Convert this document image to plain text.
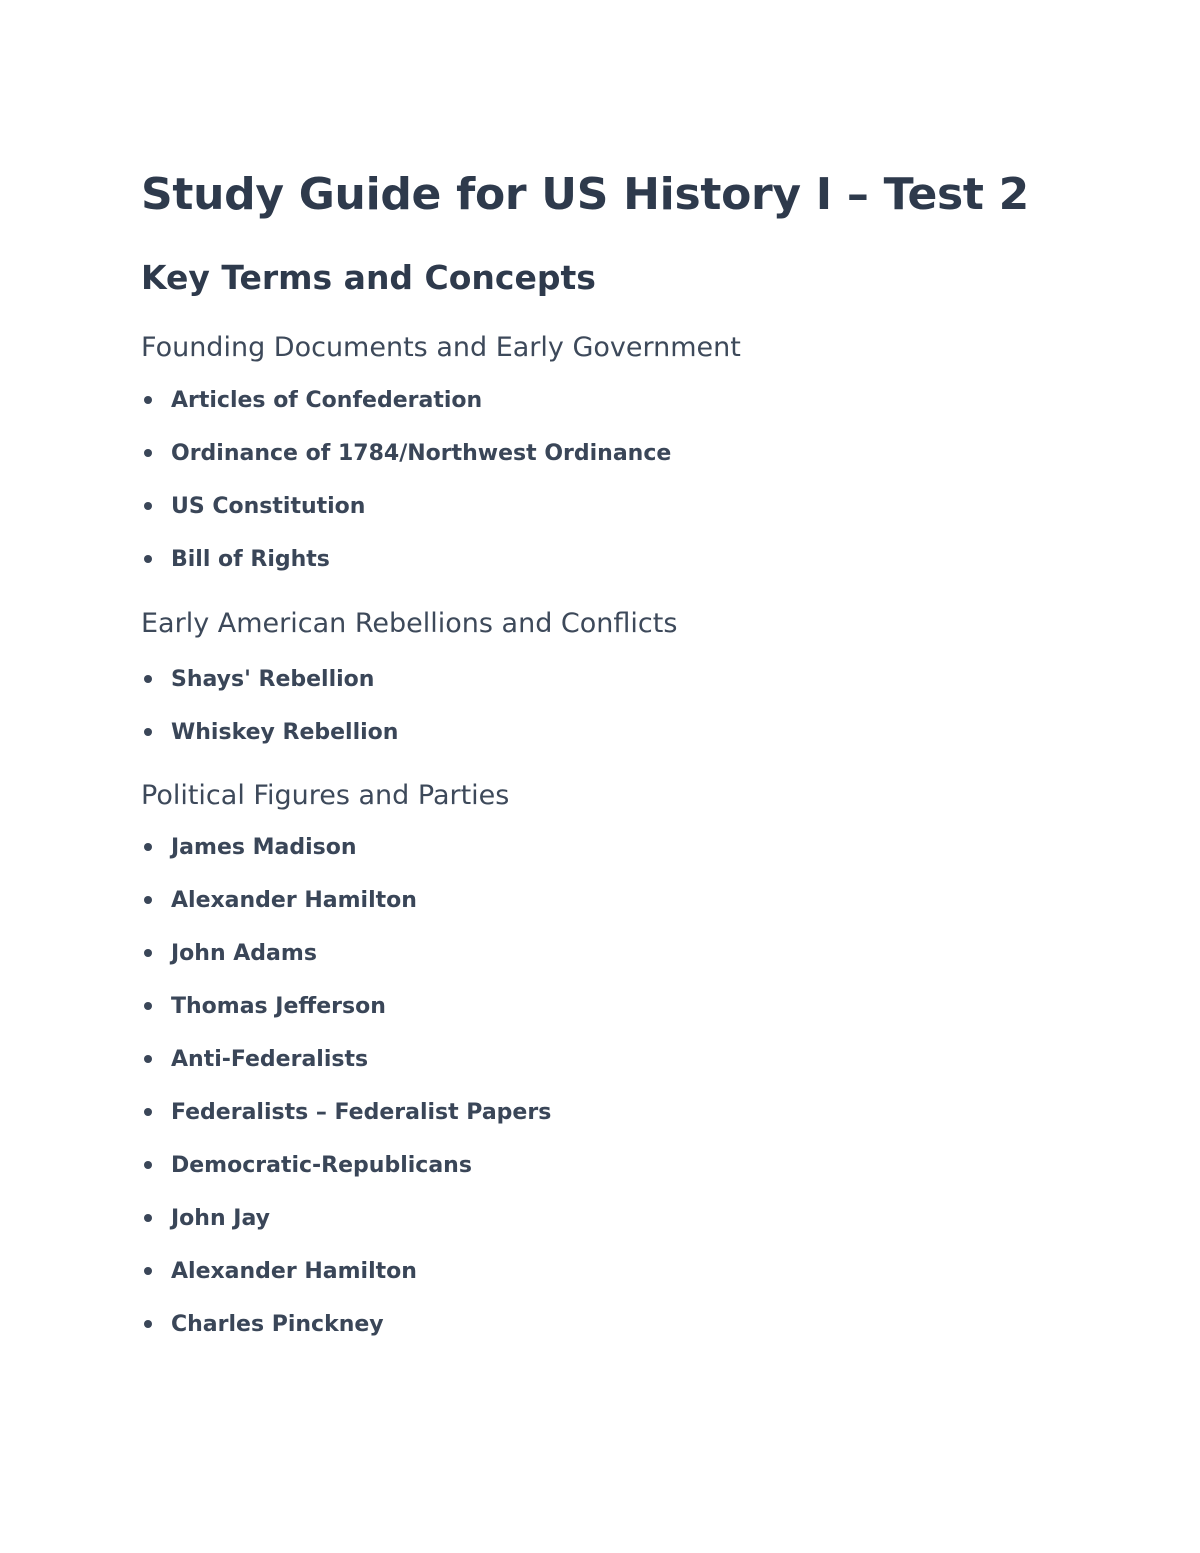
Study Guide for US History I – Test 2
Key Terms and Concepts
Founding Documents and Early Government
Articles of Confederation
Ordinance of 1784/Northwest Ordinance
US Constitution
Bill of Rights
Early American Rebellions and Conflicts
Shays' Rebellion
Whiskey Rebellion
Political Figures and Parties
James Madison
Alexander Hamilton
John Adams
Thomas Jefferson
Anti-Federalists
Federalists – Federalist Papers
Democratic-Republicans
John Jay
Alexander Hamilton
Charles Pinckney
